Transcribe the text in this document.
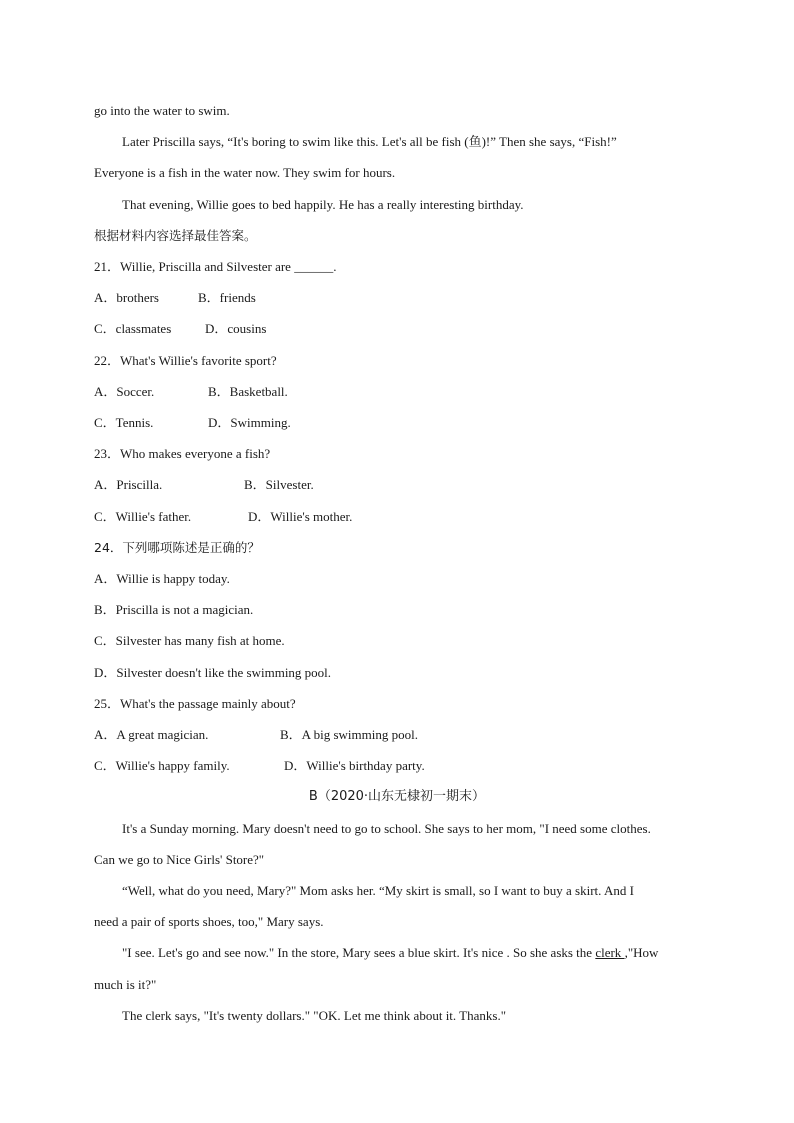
go into the water to swim.
Later Priscilla says, “It's boring to swim like this. Let's all be fish (鱼)!” Then she says, “Fish!”
Everyone is a fish in the water now. They swim for hours.
That evening, Willie goes to bed happily. He has a really interesting birthday.
根据材料内容选择最佳答案。
21．Willie, Priscilla and Silvester are ______.
A．brothers	B．friends
C．classmates	D．cousins
22．What's Willie's favorite sport?
A．Soccer.	B．Basketball.
C．Tennis.	D．Swimming.
23．Who makes everyone a fish?
A．Priscilla.	B．Silvester.
C．Willie's father.	D．Willie's mother.
24．下列哪项陈述是正确的？
A．Willie is happy today.
B．Priscilla is not a magician.
C．Silvester has many fish at home.
D．Silvester doesn't like the swimming pool.
25．What's the passage mainly about?
A．A great magician.	B．A big swimming pool.
C．Willie's happy family.	D．Willie's birthday party.
B（2020·山东无棣初一期末）
It's a Sunday morning. Mary doesn't need to go to school. She says to her mom, "I need some clothes.
Can we go to Nice Girls' Store?"
“Well, what do you need, Mary?" Mom asks her. “My skirt is small, so I want to buy a skirt. And I
need a pair of sports shoes, too," Mary says.
"I see. Let's go and see now." In the store, Mary sees a blue skirt. It's nice . So she asks the clerk ,"How
much is it?"
The clerk says, "It's twenty dollars." "OK. Let me think about it. Thanks."
